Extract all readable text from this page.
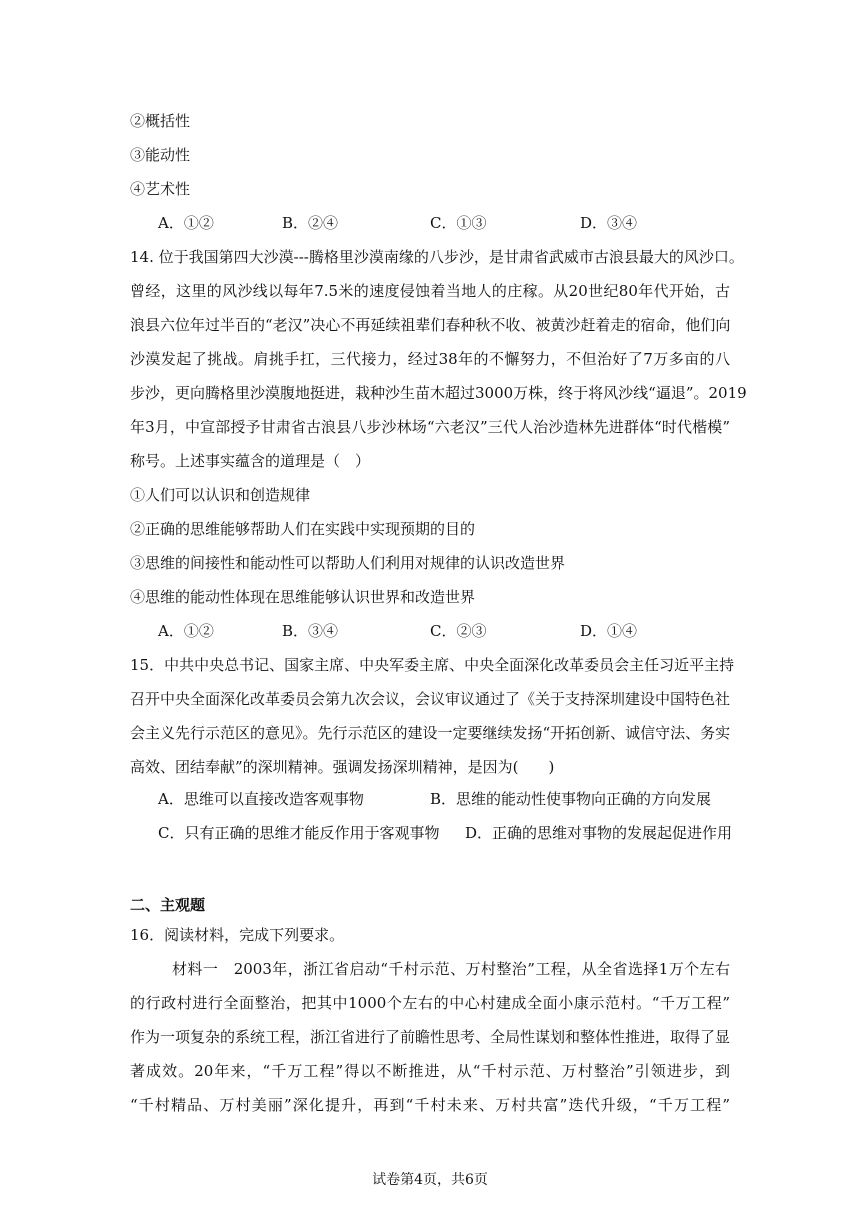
②概括性
③能动性
④艺术性
A．①②	B．②④	C．①③	D．③④
14. 位于我国第四大沙漠---腾格里沙漠南缘的八步沙，是甘肃省武威市古浪县最大的风沙口。
曾经，这里的风沙线以每年7.5米的速度侵蚀着当地人的庄稼。从20世纪80年代开始，古
浪县六位年过半百的“老汉”决心不再延续祖辈们春种秋不收、被黄沙赶着走的宿命，他们向
沙漠发起了挑战。肩挑手扛，三代接力，经过38年的不懈努力，不但治好了7万多亩的八
步沙，更向腾格里沙漠腹地挺进，栽种沙生苗木超过3000万株，终于将风沙线“逼退”。2019
年3月，中宣部授予甘肃省古浪县八步沙林场“六老汉”三代人治沙造林先进群体“时代楷模”
称号。上述事实蕴含的道理是（　）
①人们可以认识和创造规律
②正确的思维能够帮助人们在实践中实现预期的目的
③思维的间接性和能动性可以帮助人们利用对规律的认识改造世界
④思维的能动性体现在思维能够认识世界和改造世界
A．①②	B．③④	C．②③	D．①④
15．中共中央总书记、国家主席、中央军委主席、中央全面深化改革委员会主任习近平主持
召开中央全面深化改革委员会第九次会议，会议审议通过了《关于支持深圳建设中国特色社
会主义先行示范区的意见》。先行示范区的建设一定要继续发扬“开拓创新、诚信守法、务实
高效、团结奉献”的深圳精神。强调发扬深圳精神，是因为(　　)
A．思维可以直接改造客观事物	B．思维的能动性使事物向正确的方向发展
C．只有正确的思维才能反作用于客观事物 D．正确的思维对事物的发展起促进作用
二、主观题
16．阅读材料，完成下列要求。
材料一　2003年，浙江省启动“千村示范、万村整治”工程，从全省选择1万个左右
的行政村进行全面整治，把其中1000个左右的中心村建成全面小康示范村。“千万工程”
作为一项复杂的系统工程，浙江省进行了前瞻性思考、全局性谋划和整体性推进，取得了显
著成效。20年来，“千万工程”得以不断推进，从“千村示范、万村整治”引领进步，到
“千村精品、万村美丽”深化提升，再到“千村未来、万村共富”迭代升级，“千万工程”
试卷第4页，共6页
